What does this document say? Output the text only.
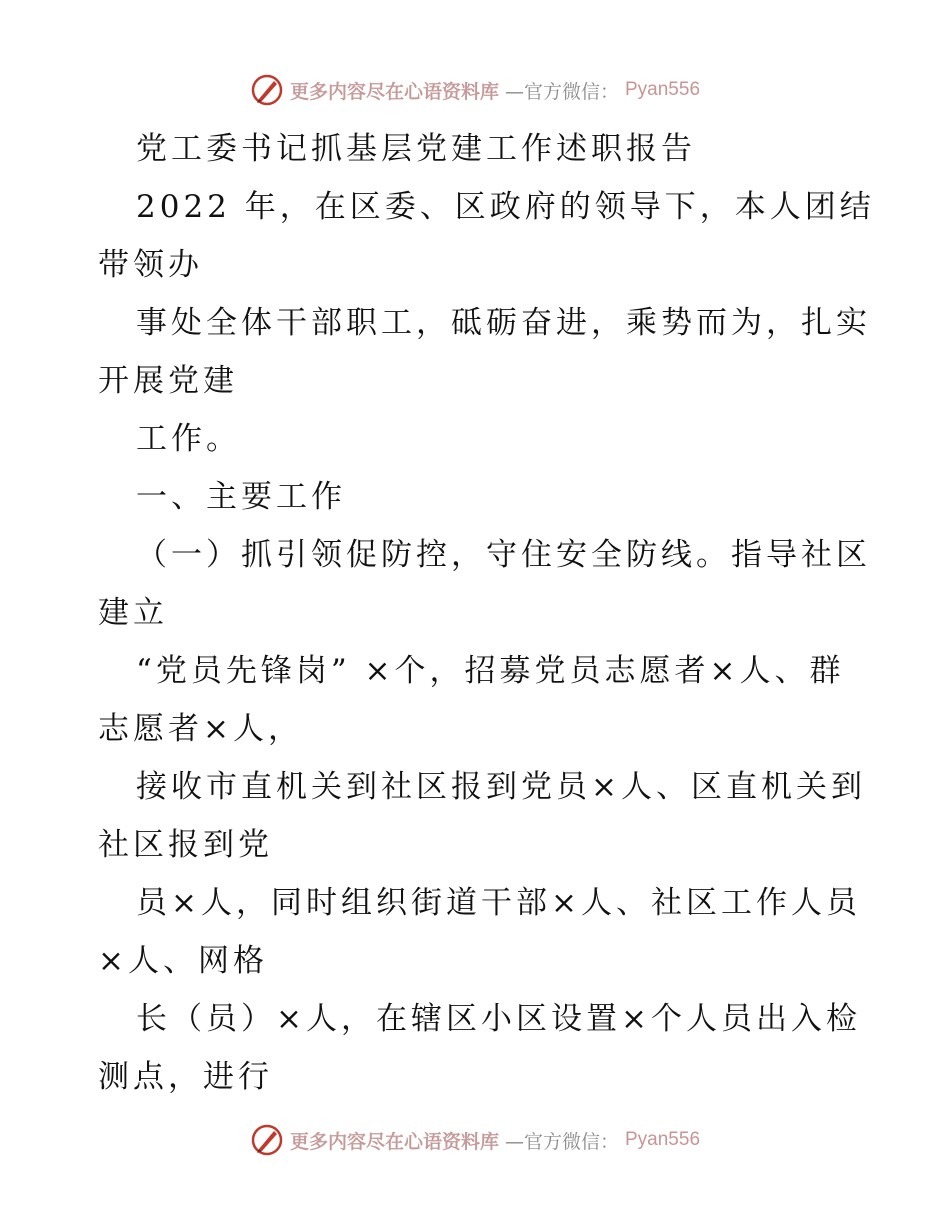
更多内容尽在心语资料库 —官方微信： Pyan556

党工委书记抓基层党建工作述职报告

2022 年，在区委、区政府的领导下，本人团结

带领办

事处全体干部职工，砥砺奋进，乘势而为，扎实

开展党建

工作。

一、主要工作

（一）抓引领促防控，守住安全防线。指导社区

建立

“党员先锋岗” ×个，招募党员志愿者×人、群

志愿者×人，

接收市直机关到社区报到党员×人、区直机关到

社区报到党

员×人，同时组织街道干部×人、社区工作人员

×人、网格

长（员）×人，在辖区小区设置×个人员出入检

测点，进行

更多内容尽在心语资料库 —官方微信： Pyan556
